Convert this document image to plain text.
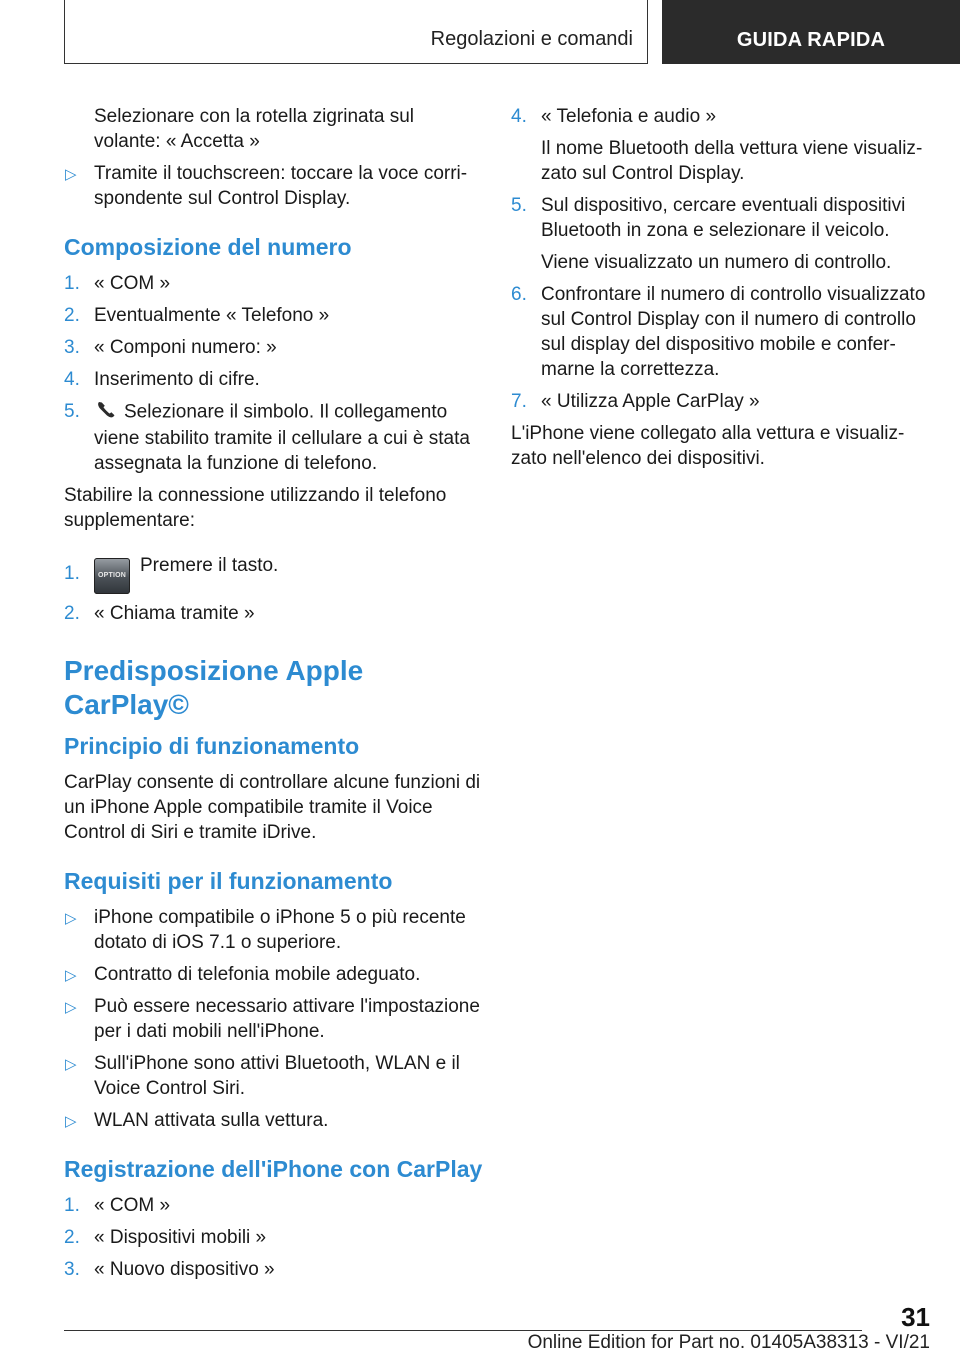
Regolazioni e comandi	GUIDA RAPIDA
Selezionare con la rotella zigrinata sul volante: « Accetta »
▷ Tramite il touchscreen: toccare la voce corrispondente sul Control Display.
Composizione del numero
1. « COM »
2. Eventualmente « Telefono »
3. « Componi numero: »
4. Inserimento di cifre.
5. Selezionare il simbolo. Il collegamento viene stabilito tramite il cellulare a cui è stata assegnata la funzione di telefono.
Stabilire la connessione utilizzando il telefono supplementare:
1.	OPTION Premere il tasto.
2. « Chiama tramite »
Predisposizione Apple CarPlay©
Principio di funzionamento
CarPlay consente di controllare alcune funzioni di un iPhone Apple compatibile tramite il Voice Control di Siri e tramite iDrive.
Requisiti per il funzionamento
▷ iPhone compatibile o iPhone 5 o più recente dotato di iOS 7.1 o superiore.
▷ Contratto di telefonia mobile adeguato.
▷ Può essere necessario attivare l'impostazione per i dati mobili nell'iPhone.
▷ Sull'iPhone sono attivi Bluetooth, WLAN e il Voice Control Siri.
▷ WLAN attivata sulla vettura.
Registrazione dell'iPhone con CarPlay
1. « COM »
2. « Dispositivi mobili »
3. « Nuovo dispositivo »
4. « Telefonia e audio »
Il nome Bluetooth della vettura viene visualizzato sul Control Display.
5. Sul dispositivo, cercare eventuali dispositivi Bluetooth in zona e selezionare il veicolo.
Viene visualizzato un numero di controllo.
6. Confrontare il numero di controllo visualizzato sul Control Display con il numero di controllo sul display del dispositivo mobile e confermarne la correttezza.
7. « Utilizza Apple CarPlay »
L'iPhone viene collegato alla vettura e visualizzato nell'elenco dei dispositivi.
31
Online Edition for Part no. 01405A38313 - VI/21
